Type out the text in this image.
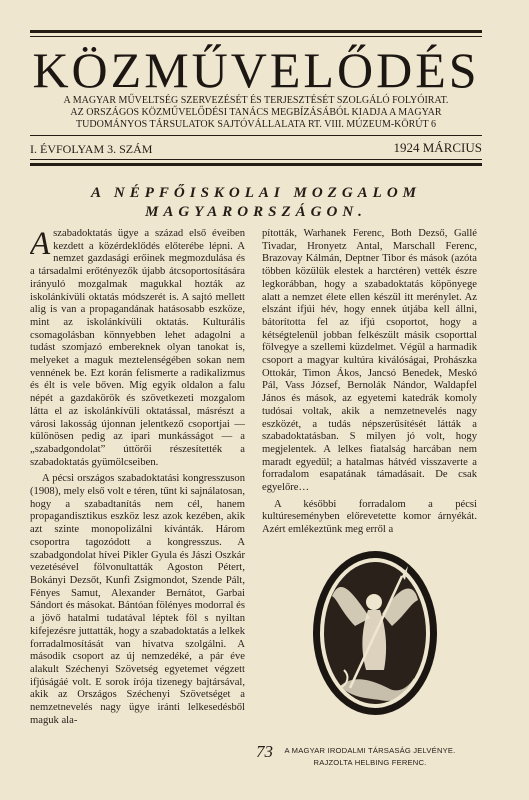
KÖZMŰVELŐDÉS
A MAGYAR MŰVELTSÉG SZERVEZÉSÉT ÉS TERJESZTÉSÉT SZOLGÁLÓ FOLYÓIRAT.
AZ ORSZÁGOS KÖZMŰVELŐDÉSI TANÁCS MEGBÍZÁSÁBÓL KIADJA A MAGYAR
TUDOMÁNYOS TÁRSULATOK SAJTÓVÁLLALATA RT. VIII. MÚZEUM-KÖRÚT 6
I. ÉVFOLYAM 3. SZÁM	1924 MÁRCIUS
A NÉPFŐISKOLAI MOZGALOM
MAGYARORSZÁGON.

Aszabadoktatás ügye a század első éveiben kezdett a közérdeklődés előterébe lépni. A nemzet gazdasági erőinek megmozdulása és a társadalmi erőtényezők újabb átcsoportosítására irányuló mozgalmak magukkal hozták az iskolánkívüli oktatás módszerét is. A sajtó mellett alig is van a propagandának hatásosabb eszköze, mint az iskolánkívüli oktatás. Kulturális csomagolásban könnyebben lehet adagolni a tudást szomjazó embereknek olyan tanokat is, melyeket a maguk meztelenségében sokan nem vennének be. Ezt korán felismerte a radikalizmus és élt is vele bőven. Míg egyik oldalon a falu népét a gazdakörök és szövetkezeti mozgalom látta el az iskolánkívüli oktatással, másrészt a városi lakosság újonnan jelentkező csoportjai — különösen pedig az ipari munkásságot — a „szabadgondolat” úttörői részesítették a szabadoktatás gyümölcseiben.

A pécsi országos szabadoktatási kongresszuson (1908), mely első volt e téren, tűnt ki sajnálatosan, hogy a szabadtanítás nem cél, hanem propagandisztikus eszköz lesz azok kezében, akik azt szinte monopolizálni kívánták. Három csoportra tagozódott a kongresszus. A szabadgondolat hívei Pikler Gyula és Jászi Oszkár vezetésével fölvonultatták Agoston Pétert, Bokányi Dezsőt, Kunfi Zsigmondot, Szende Pált, Fényes Samut, Alexander Bernátot, Garbai Sándort és másokat. Bántóan fölényes modorral és a jövő hatalmi tudatával léptek föl s nyiltan kifejezésre juttatták, hogy a szabadoktatás a lelkek forradalmosítását van hivatva szolgálni. A második csoport az új nemzedéké, a pár éve alakult Széchenyi Szövetség egyetemet végzett ifjúságáé volt. E sorok írója tizenegy bajtársával, akik az Országos Széchenyi Szövetséget a nemzetnevelés nagy ügye iránti lelkesedésből maguk ala-

pították, Warhanek Ferenc, Both Dezső, Gallé Tivadar, Hronyetz Antal, Marschall Ferenc, Brazovay Kálmán, Deptner Tibor és mások (azóta többen közülük elestek a harctéren) vették észre legkorábban, hogy a szabadoktatás köpönyege alatt a nemzet élete ellen készül itt merénylet. Az elszánt ifjúi hév, hogy ennek útjába kell állni, bátorította fel az ifjú csoportot, hogy a kétségtelenül jobban felkészült másik csoporttal fölvegye a szellemi küzdelmet. Végül a harmadik csoport a magyar kultúra kiválóságai, Prohászka Ottokár, Timon Ákos, Jancsó Benedek, Meskó Pál, Vass József, Bernolák Nándor, Waldapfel János és mások, az egyetemi katedrák komoly tudósai voltak, akik a nemzetnevelés nagy eszközét, a tudás népszerűsítését látták a szabadoktatásban. S milyen jó volt, hogy megjelentek. A lelkes fiatalság harcában nem maradt egyedül; a hatalmas hátvéd visszaverte a forradalom esapatának támadásait. De csak egyelőre…

A későbbi forradalom a pécsi kultúreseményben előrevetette komor árnyékát. Azért emlékeztünk meg erről a

A MAGYAR IRODALMI TÁRSASÁG JELVÉNYE.
RAJZOLTA HELBING FERENC.
73
